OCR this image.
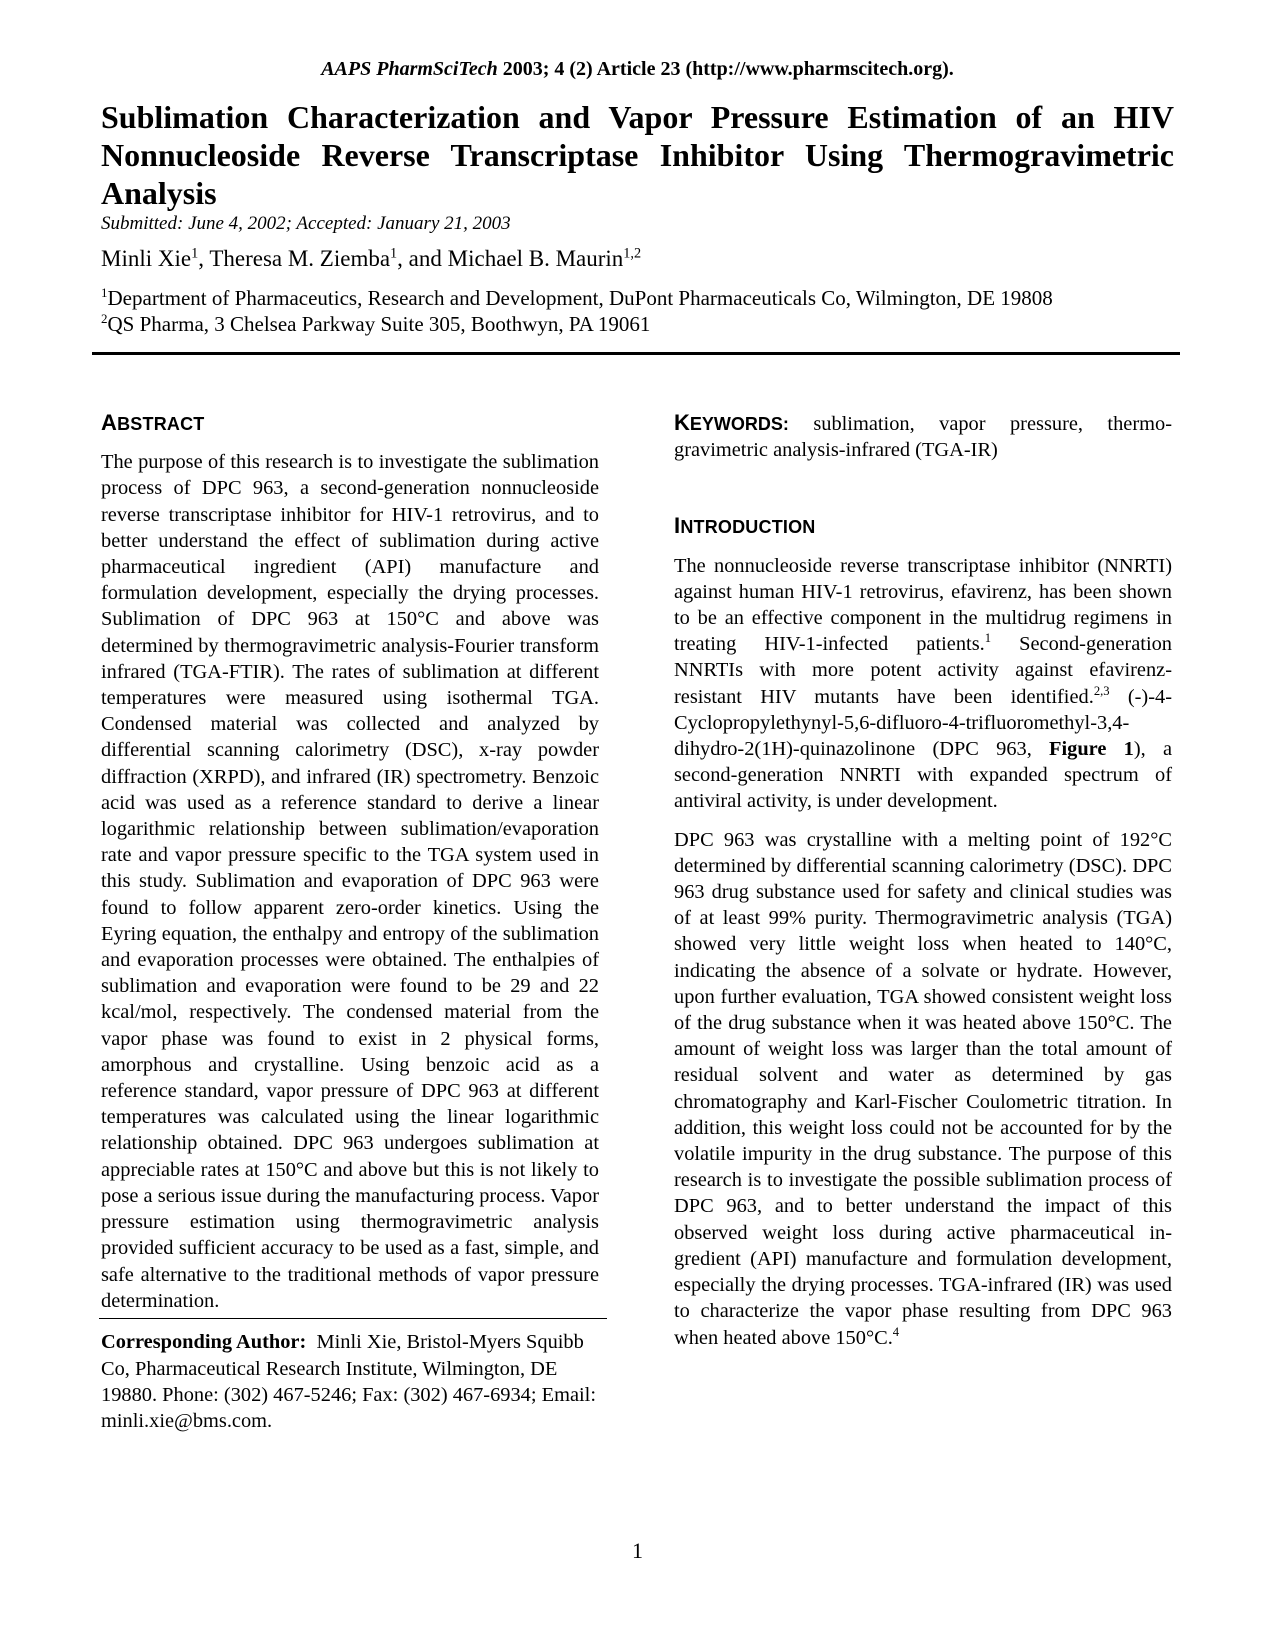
AAPS PharmSciTech 2003; 4 (2) Article 23 (http://www.pharmscitech.org).
Sublimation Characterization and Vapor Pressure Estimation of an HIV Nonnucleoside Reverse Transcriptase Inhibitor Using Thermogravimetric Analysis
Submitted: June 4, 2002; Accepted: January 21, 2003
Minli Xie$^1$, Theresa M. Ziemba$^1$, and Michael B. Maurin$^{1,2}$
$^1$Department of Pharmaceutics, Research and Development, DuPont Pharmaceuticals Co, Wilmington, DE 19808
$^2$QS Pharma, 3 Chelsea Parkway Suite 305, Boothwyn, PA 19061
ABSTRACT

The purpose of this research is to investigate the sublimation process of DPC 963, a second-generation nonnucleoside reverse transcriptase inhibitor for HIV-1 retrovirus, and to better understand the effect of sublimation during active pharmaceutical ingredient (API) manufacture and formulation development, especially the drying processes. Sublimation of DPC 963 at 150°C and above was determined by thermogravimetric analysis-Fourier transform infrared (TGA-FTIR). The rates of sublimation at different temperatures were measured using isothermal TGA. Condensed material was collected and analyzed by differential scanning calorimetry (DSC), x-ray powder diffraction (XRPD), and infrared (IR) spectrometry. Benzoic acid was used as a reference standard to derive a linear logarithmic relationship between sublimation/evaporation rate and vapor pressure specific to the TGA system used in this study. Sublimation and evaporation of DPC 963 were found to follow apparent zero-order kinetics. Using the Eyring equation, the enthalpy and entropy of the sublimation and evaporation processes were obtained. The enthalpies of sublimation and evaporation were found to be 29 and 22 kcal/mol, respectively. The condensed material from the vapor phase was found to exist in 2 physical forms, amorphous and crystalline. Using benzoic acid as a reference standard, vapor pressure of DPC 963 at different temperatures was calculated using the linear logarithmic relationship obtained. DPC 963 undergoes sublimation at appreciable rates at 150°C and above but this is not likely to pose a serious issue during the manufacturing process. Vapor pressure estimation using thermogravimetric analysis provided sufficient accuracy to be used as a fast, simple, and safe alternative to the traditional methods of vapor pressure determination.

Corresponding Author: Minli Xie, Bristol-Myers Squibb Co, Pharmaceutical Research Institute, Wilmington, DE 19880. Phone: (302) 467-5246; Fax: (302) 467-6934; Email: minli.xie@bms.com.

KEYWORDS: sublimation, vapor pressure, thermogravimetric analysis-infrared (TGA-IR)

INTRODUCTION

The nonnucleoside reverse transcriptase inhibitor (NNRTI) against human HIV-1 retrovirus, efavirenz, has been shown to be an effective component in the multidrug regimens in treating HIV-1-infected patients.$^1$ Second-generation NNRTIs with more potent activity against efavirenz-resistant HIV mutants have been identified.$^{2,3}$ (-)-4-Cyclopropylethynyl-5,6-difluoro-4-trifluoromethyl-3,4-dihydro-2(1H)-quinazolinone (DPC 963, Figure 1), a second-generation NNRTI with expanded spectrum of antiviral activity, is under development.

DPC 963 was crystalline with a melting point of 192°C determined by differential scanning calorimetry (DSC). DPC 963 drug substance used for safety and clinical studies was of at least 99% purity. Thermogravimetric analysis (TGA) showed very little weight loss when heated to 140°C, indicating the absence of a solvate or hydrate. However, upon further evaluation, TGA showed consistent weight loss of the drug substance when it was heated above 150°C. The amount of weight loss was larger than the total amount of residual solvent and water as determined by gas chromatography and Karl-Fischer Coulometric titration. In addition, this weight loss could not be accounted for by the volatile impurity in the drug substance. The purpose of this research is to investigate the possible sublimation process of DPC 963, and to better understand the impact of this observed weight loss during active pharmaceutical ingredient (API) manufacture and formulation development, especially the drying processes. TGA-infrared (IR) was used to characterize the vapor phase resulting from DPC 963 when heated above 150°C.$^4$

1
